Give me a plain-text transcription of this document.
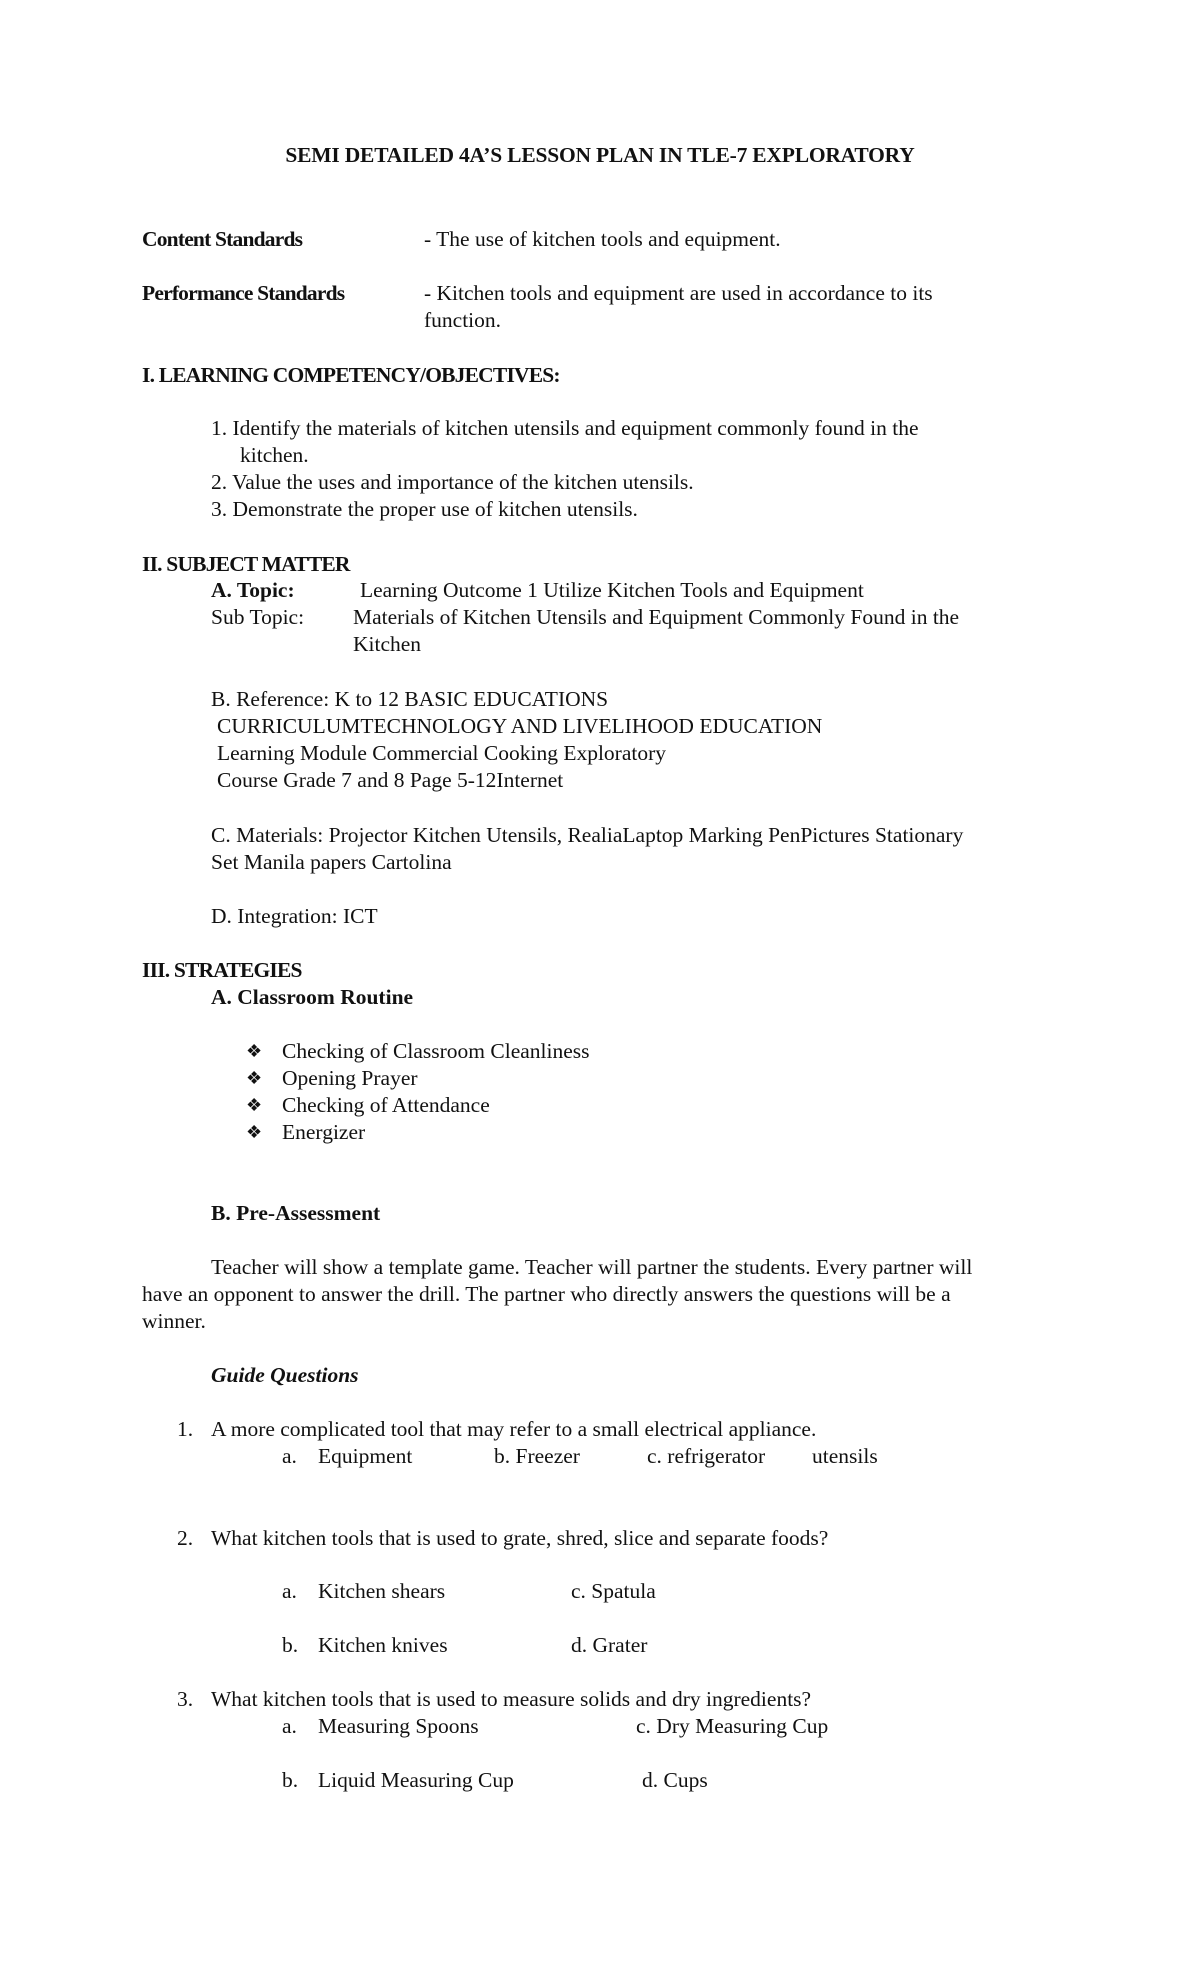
SEMI DETAILED 4A’S LESSON PLAN IN TLE-7 EXPLORATORY
Content Standards	- The use of kitchen tools and equipment.
Performance Standards	- Kitchen tools and equipment are used in accordance to its
function.
I. LEARNING COMPETENCY/OBJECTIVES:
1. Identify the materials of kitchen utensils and equipment commonly found in the
kitchen.
2. Value the uses and importance of the kitchen utensils.
3. Demonstrate the proper use of kitchen utensils.
II. SUBJECT MATTER
A. Topic:	Learning Outcome 1 Utilize Kitchen Tools and Equipment
Sub Topic: Materials of Kitchen Utensils and Equipment Commonly Found in the
Kitchen
B. Reference: K to 12 BASIC EDUCATIONS
CURRICULUMTECHNOLOGY AND LIVELIHOOD EDUCATION
Learning Module Commercial Cooking Exploratory
Course Grade 7 and 8 Page 5-12Internet
C. Materials: Projector Kitchen Utensils, RealiaLaptop Marking PenPictures Stationary
Set Manila papers Cartolina
D. Integration: ICT
III. STRATEGIES
A. Classroom Routine
❖ Checking of Classroom Cleanliness
❖ Opening Prayer
❖ Checking of Attendance
❖ Energizer
B. Pre-Assessment
Teacher will show a template game. Teacher will partner the students. Every partner will
have an opponent to answer the drill. The partner who directly answers the questions will be a
winner.
Guide Questions
1. A more complicated tool that may refer to a small electrical appliance.
a. Equipment	b. Freezer	c. refrigerator utensils
2. What kitchen tools that is used to grate, shred, slice and separate foods?
a. Kitchen shears	c. Spatula
b. Kitchen knives	d. Grater
3. What kitchen tools that is used to measure solids and dry ingredients?
a. Measuring Spoons	c. Dry Measuring Cup
b. Liquid Measuring Cup	d. Cups
